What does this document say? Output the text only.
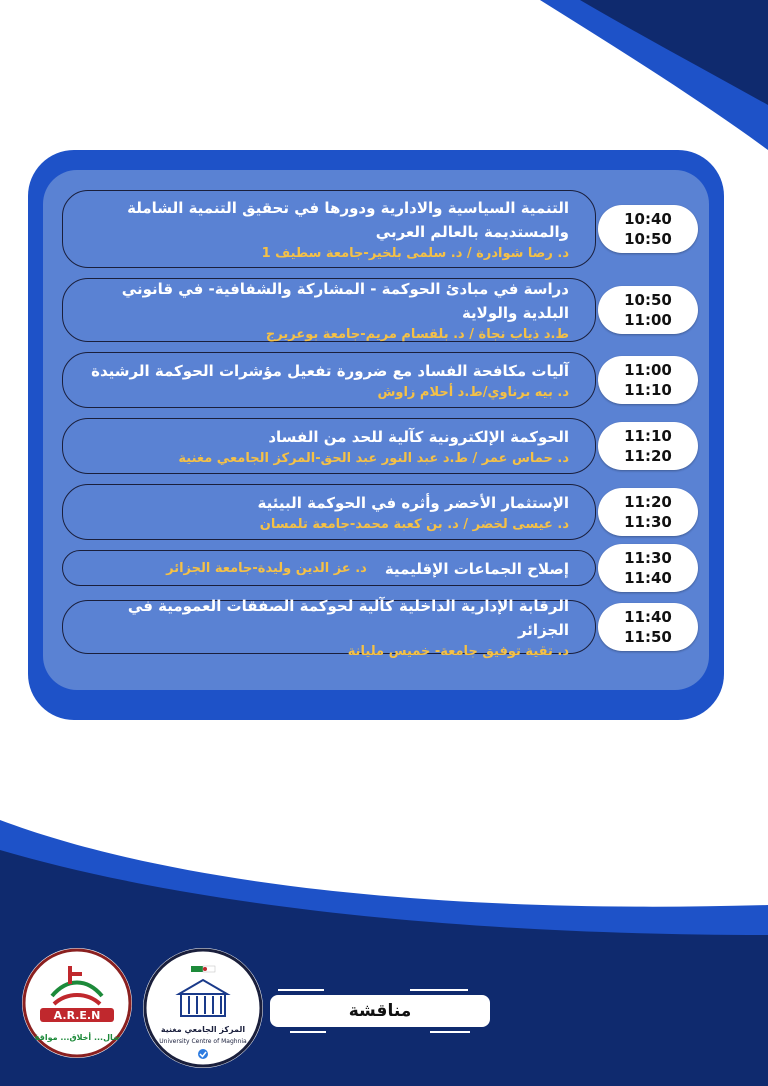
التنمية السياسية والادارية ودورها في تحقيق التنمية الشاملة والمستديمة بالعالم العربي
د. رضا شوادرة / د. سلمى بلخير-جامعة سطيف 1
10:40
10:50
دراسة في مبادئ الحوكمة - المشاركة والشفافية- في قانوني البلدية والولاية
ط.د ذياب نجاة / د. بلقسام مريم-جامعة بوعريرج
10:50
11:00
آليات مكافحة الفساد مع ضرورة تفعيل مؤشرات الحوكمة الرشيدة
د. بيه برناوي/ط.د أحلام زاوش
11:00
11:10
الحوكمة الإلكترونية كآلية للحد من الفساد
د. حماس عمر / ط.د عبد النور عبد الحق-المركز الجامعي مغنية
11:10
11:20
الإستثمار الأخضر وأثره في الحوكمة البيئية
د. عيسى لخضر / د. بن كعبة محمد-جامعة تلمسان
11:20
11:30
إصلاح الجماعات الإقليمية
د. عز الدين وليدة-جامعة الجزائر
11:30
11:40
الرقابة الإدارية الداخلية كآلية لحوكمة الصفقات العمومية في الجزائر
د. تقية توفيق جامعة- خميس مليانة
11:40
11:50
مناقشة
A.R.E.N
نضال... أخلاق... مواقف
المركز الجامعي مغنية
University Centre of Maghnia
